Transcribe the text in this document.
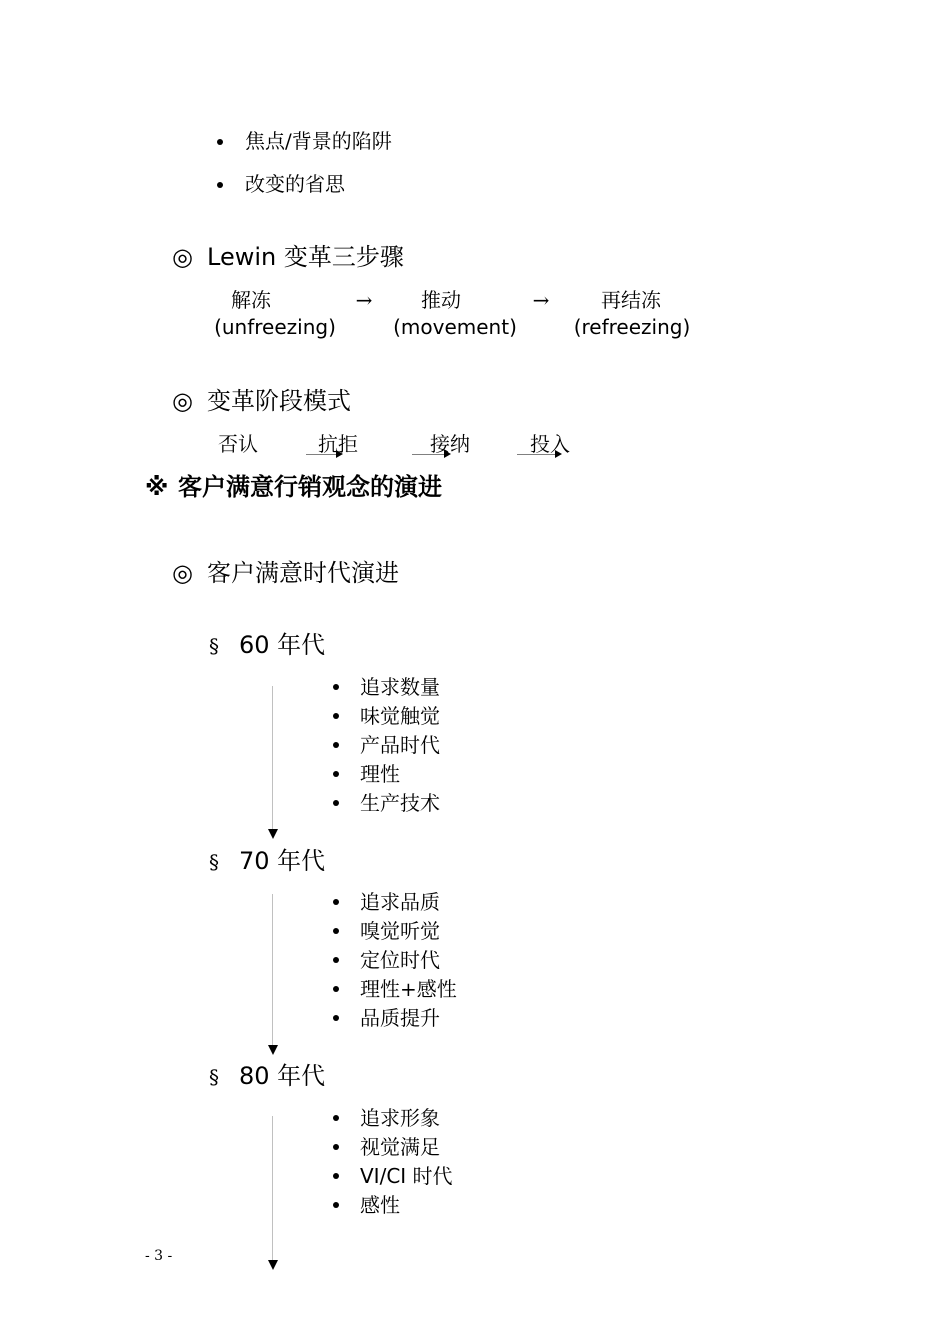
焦点/背景的陷阱
改变的省思
◎ Lewin 变革三步骤
解冻
(unfreezing)
→	推动
(movement)
→	再结冻
(refreezing)
◎ 变革阶段模式
否认	抗拒	接纳	投入
※ 客户满意行销观念的演进
◎ 客户满意时代演进
§ 60 年代
追求数量
味觉触觉
产品时代
理性
生产技术
§ 70 年代
追求品质
嗅觉听觉
定位时代
理性+感性
品质提升
§ 80 年代
追求形象
视觉满足
VI/CI 时代
感性
- 3 -
